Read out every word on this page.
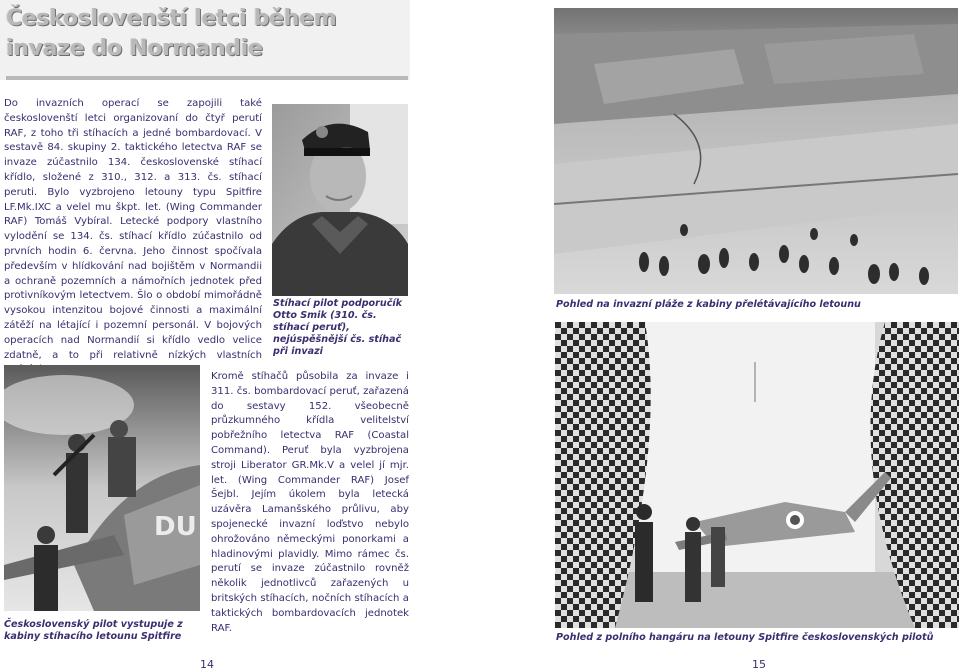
Českoslovenští letci během invaze do Normandie

Do invazních operací se zapojili také českoslovenští letci organizovaní do čtyř perutí RAF, z toho tři stíhacích a jedné bombardovací. V sestavě 84. skupiny 2. taktického letectva RAF se invaze zúčastnilo 134. československé stíhací křídlo, složené z 310., 312. a 313. čs. stíhací peruti. Bylo vyzbrojeno letouny typu Spitfire LF.Mk.IXC a velel mu škpt. let. (Wing Commander RAF) Tomáš Vybíral. Letecké podpory vlastního vylodění se 134. čs. stíhací křídlo zúčastnilo od prvních hodin 6. června. Jeho činnost spočívala především v hlídkování nad bojištěm v Normandii a ochraně pozemních a námořních jednotek před protivníkovým letectvem. Šlo o období mimořádně vysokou intenzitou bojové činnosti a maximální zátěží na létající i pozemní personál. V bojových operacích nad Normandií si křídlo vedlo velice zdatně, a to při relativně nízkých vlastních

Stíhací pilot podporučík Otto Smik (310. čs. stíhací peruť), nejúspěšnější čs. stíhač při invazi

Pohled na invazní pláže z kabiny přelétávajícího letounu

Kromě stíhačů působila za invaze i 311. čs. bombardovací peruť, zařazená do sestavy 152. všeobecně průzkumného křídla velitelství pobřežního letectva RAF (Coastal Command). Peruť byla vyzbrojena stroji Liberator GR.Mk.V a velel jí mjr. let. (Wing Commander RAF) Josef Šejbl. Jejím úkolem byla letecká uzávěra Lamanšského průlivu, aby spojenecké invazní loďstvo nebylo ohrožováno německými ponorkami a hladinovými plavidly. Mimo rámec čs. perutí se invaze zúčastnilo rovněž několik jednotlivců zařazených u britských stíhacích, nočních stíhacích a taktických bombardovacích jednotek RAF.

DU

Československý pilot vystupuje z kabiny stíhacího letounu Spitfire	Pohled z polního hangáru na letouny Spitfire československých pilotů

14	15
